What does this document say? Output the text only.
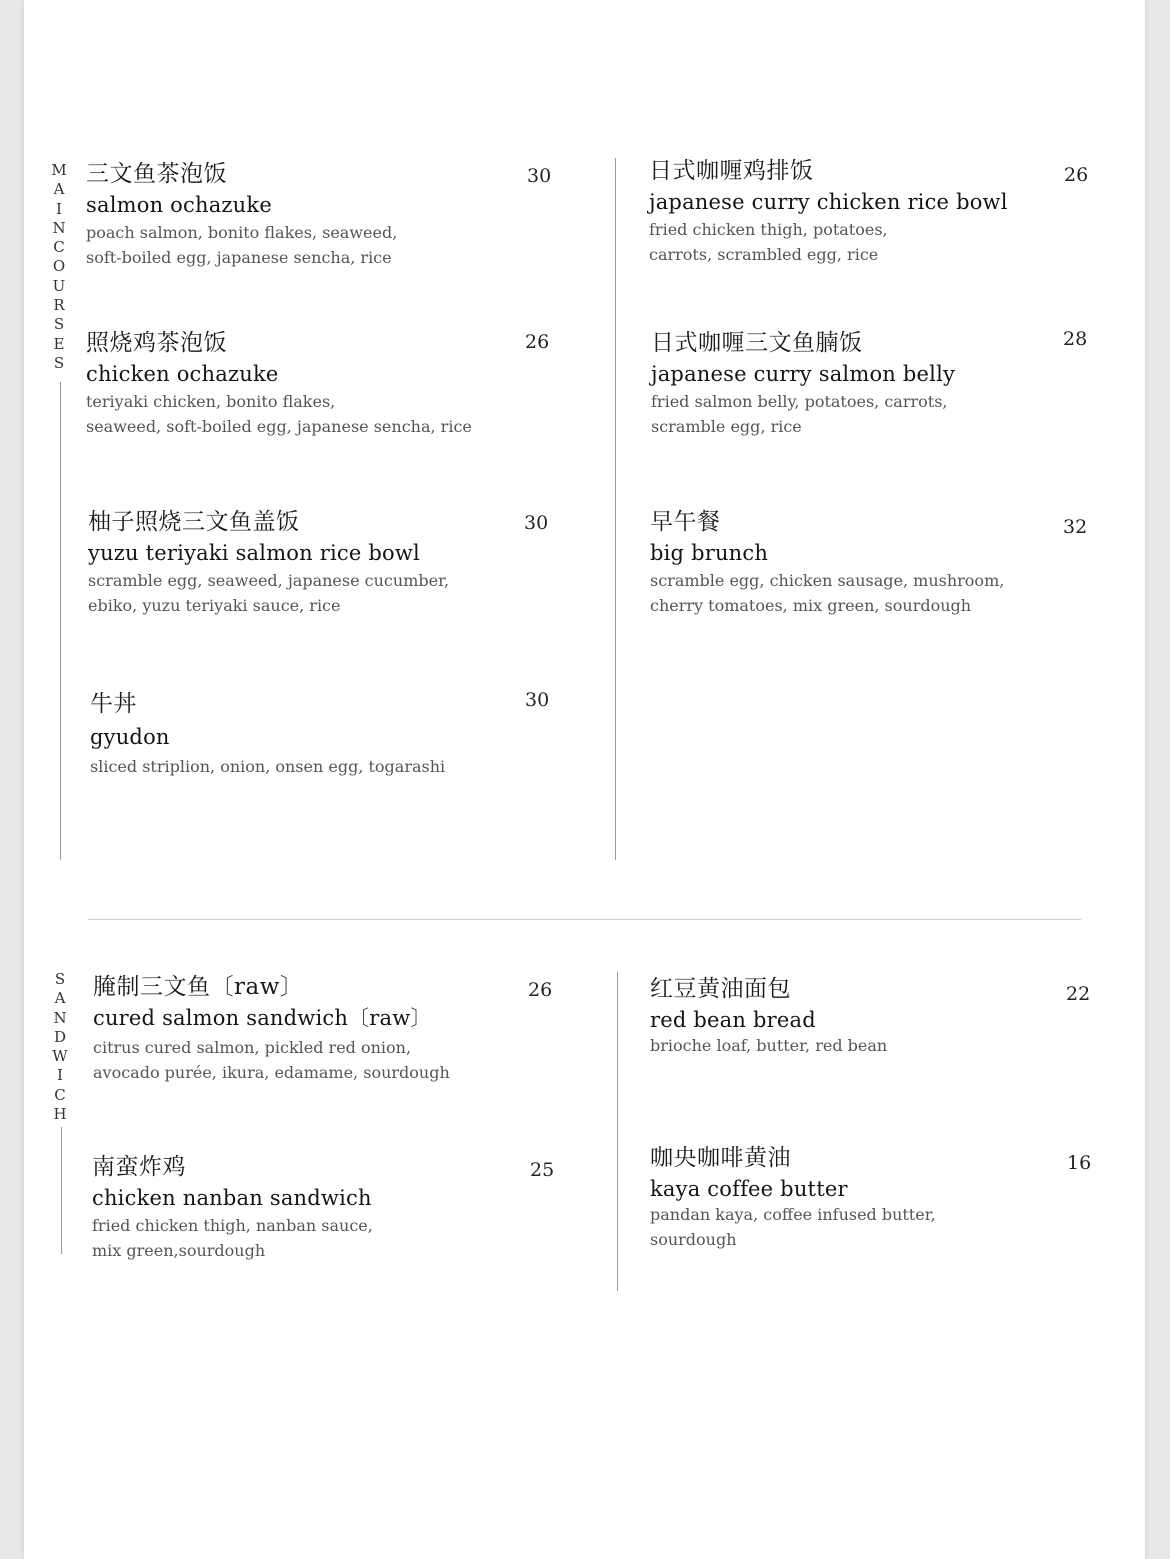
M
A
I
N
C
O
U
R
S
E
S
三文鱼茶泡饭
salmon ochazuke
poach salmon, bonito flakes, seaweed,
soft-boiled egg, japanese sencha, rice
30
照烧鸡茶泡饭
chicken ochazuke
teriyaki chicken, bonito flakes,
seaweed, soft-boiled egg, japanese sencha, rice
26
柚子照烧三文鱼盖饭
yuzu teriyaki salmon rice bowl
scramble egg, seaweed, japanese cucumber,
ebiko, yuzu teriyaki sauce, rice
30
牛丼
gyudon
sliced striplion, onion, onsen egg, togarashi
30
日式咖喱鸡排饭
japanese curry chicken rice bowl
fried chicken thigh, potatoes,
carrots, scrambled egg, rice
26
日式咖喱三文鱼腩饭
japanese curry salmon belly
fried salmon belly, potatoes, carrots,
scramble egg, rice
28
早午餐
big brunch
scramble egg, chicken sausage, mushroom,
cherry tomatoes, mix green, sourdough
32
S
A
N
D
W
I
C
H
腌制三文鱼〔raw〕
cured salmon sandwich〔raw〕
citrus cured salmon, pickled red onion,
avocado purée, ikura, edamame, sourdough
26
南蛮炸鸡
chicken nanban sandwich
fried chicken thigh, nanban sauce,
mix green,sourdough
25
红豆黄油面包
red bean bread
brioche loaf, butter, red bean
22
咖央咖啡黄油
kaya coffee butter
pandan kaya, coffee infused butter,
sourdough
16
